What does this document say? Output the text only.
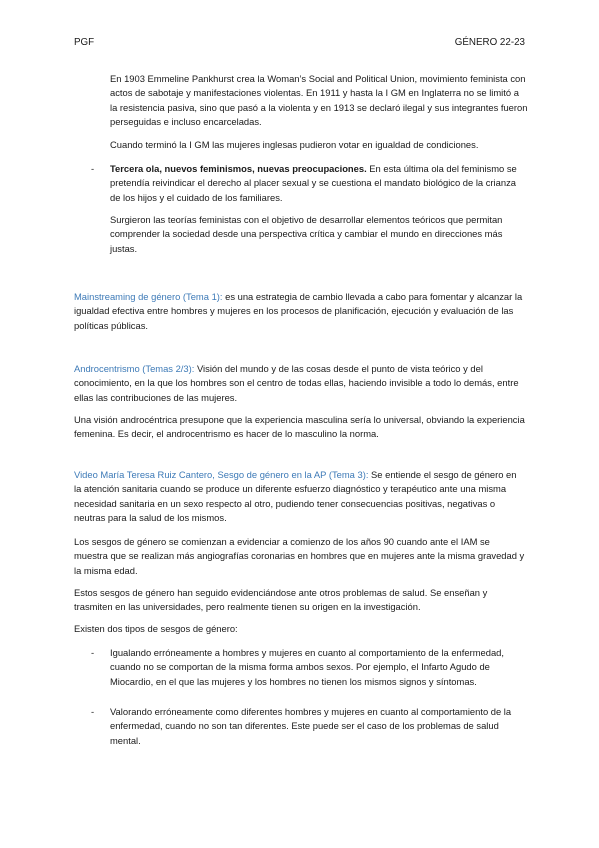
PGF	GÉNERO 22-23

En 1903 Emmeline Pankhurst crea la Woman’s Social and Political Union, movimiento feminista con actos de sabotaje y manifestaciones violentas. En 1911 y hasta la I GM en Inglaterra no se limitó a la resistencia pasiva, sino que pasó a la violenta y en 1913 se declaró ilegal y sus integrantes fueron perseguidas e incluso encarceladas.

Cuando terminó la I GM las mujeres inglesas pudieron votar en igualdad de condiciones.

- Tercera ola, nuevos feminismos, nuevas preocupaciones. En esta última ola del feminismo se pretendía reivindicar el derecho al placer sexual y se cuestiona el mandato biológico de la crianza de los hijos y el cuidado de los familiares.

Surgieron las teorías feministas con el objetivo de desarrollar elementos teóricos que permitan comprender la sociedad desde una perspectiva crítica y cambiar el mundo en direcciones más justas.

Mainstreaming de género (Tema 1): es una estrategia de cambio llevada a cabo para fomentar y alcanzar la igualdad efectiva entre hombres y mujeres en los procesos de planificación, ejecución y evaluación de las políticas públicas.

Androcentrismo (Temas 2/3): Visión del mundo y de las cosas desde el punto de vista teórico y del conocimiento, en la que los hombres son el centro de todas ellas, haciendo invisible a todo lo demás, entre ellas las contribuciones de las mujeres.

Una visión androcéntrica presupone que la experiencia masculina sería lo universal, obviando la experiencia femenina. Es decir, el androcentrismo es hacer de lo masculino la norma.

Video María Teresa Ruiz Cantero, Sesgo de género en la AP (Tema 3): Se entiende el sesgo de género en la atención sanitaria cuando se produce un diferente esfuerzo diagnóstico y terapéutico ante una misma necesidad sanitaria en un sexo respecto al otro, pudiendo tener consecuencias positivas, negativas o neutras para la salud de los mismos.

Los sesgos de género se comienzan a evidenciar a comienzo de los años 90 cuando ante el IAM se muestra que se realizan más angiografías coronarias en hombres que en mujeres ante la misma gravedad y la misma edad.

Estos sesgos de género han seguido evidenciándose ante otros problemas de salud. Se enseñan y trasmiten en las universidades, pero realmente tienen su origen en la investigación.

Existen dos tipos de sesgos de género:

- Igualando erróneamente a hombres y mujeres en cuanto al comportamiento de la enfermedad, cuando no se comportan de la misma forma ambos sexos. Por ejemplo, el Infarto Agudo de Miocardio, en el que las mujeres y los hombres no tienen los mismos signos y síntomas.

- Valorando erróneamente como diferentes hombres y mujeres en cuanto al comportamiento de la enfermedad, cuando no son tan diferentes. Este puede ser el caso de los problemas de salud mental.
